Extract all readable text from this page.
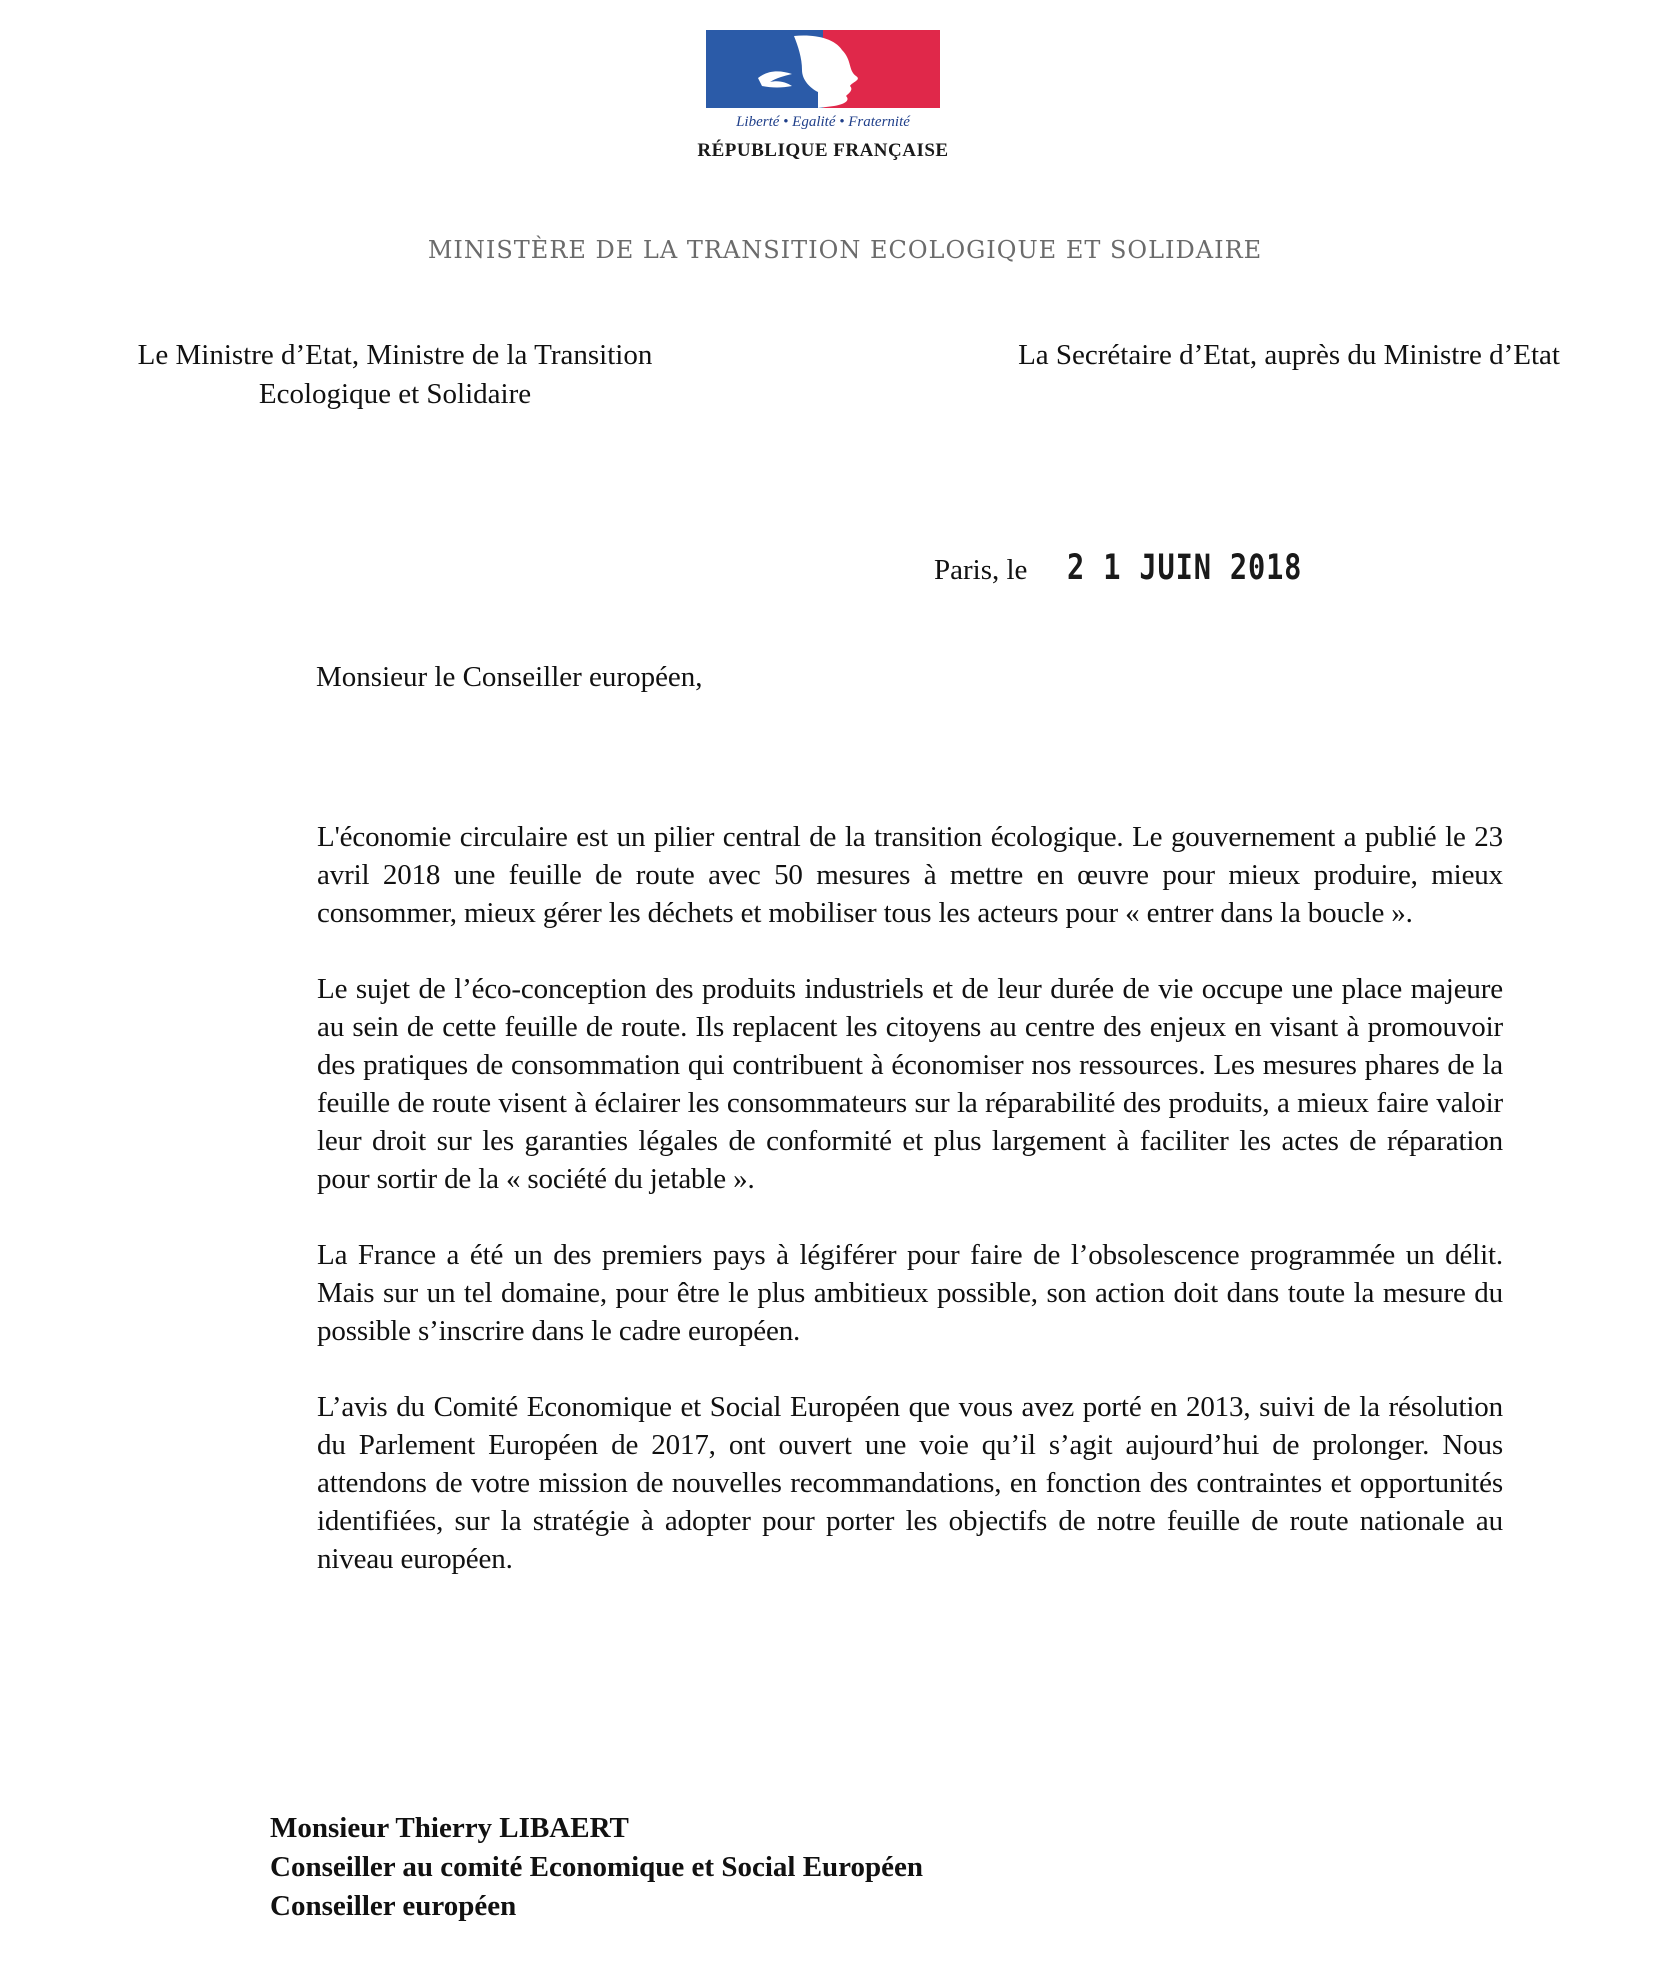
Liberté • Egalité • Fraternité
RÉPUBLIQUE FRANÇAISE
MINISTÈRE DE LA TRANSITION ECOLOGIQUE ET SOLIDAIRE
Le Ministre d’Etat, Ministre de la Transition
Ecologique et Solidaire
La Secrétaire d’Etat, auprès du Ministre d’Etat
Paris, le 2 1 JUIN 2018
Monsieur le Conseiller européen,

L'économie circulaire est un pilier central de la transition écologique. Le gouvernement a publié le 23 avril 2018 une feuille de route avec 50 mesures à mettre en œuvre pour mieux produire, mieux consommer, mieux gérer les déchets et mobiliser tous les acteurs pour « entrer dans la boucle ».

Le sujet de l’éco-conception des produits industriels et de leur durée de vie occupe une place majeure au sein de cette feuille de route. Ils replacent les citoyens au centre des enjeux en visant à promouvoir des pratiques de consommation qui contribuent à économiser nos ressources. Les mesures phares de la feuille de route visent à éclairer les consommateurs sur la réparabilité des produits, a mieux faire valoir leur droit sur les garanties légales de conformité et plus largement à faciliter les actes de réparation pour sortir de la « société du jetable ».

La France a été un des premiers pays à légiférer pour faire de l’obsolescence programmée un délit. Mais sur un tel domaine, pour être le plus ambitieux possible, son action doit dans toute la mesure du possible s’inscrire dans le cadre européen.

L’avis du Comité Economique et Social Européen que vous avez porté en 2013, suivi de la résolution du Parlement Européen de 2017, ont ouvert une voie qu’il s’agit aujourd’hui de prolonger. Nous attendons de votre mission de nouvelles recommandations, en fonction des contraintes et opportunités identifiées, sur la stratégie à adopter pour porter les objectifs de notre feuille de route nationale au niveau européen.

Monsieur Thierry LIBAERT
Conseiller au comité Economique et Social Européen
Conseiller européen
